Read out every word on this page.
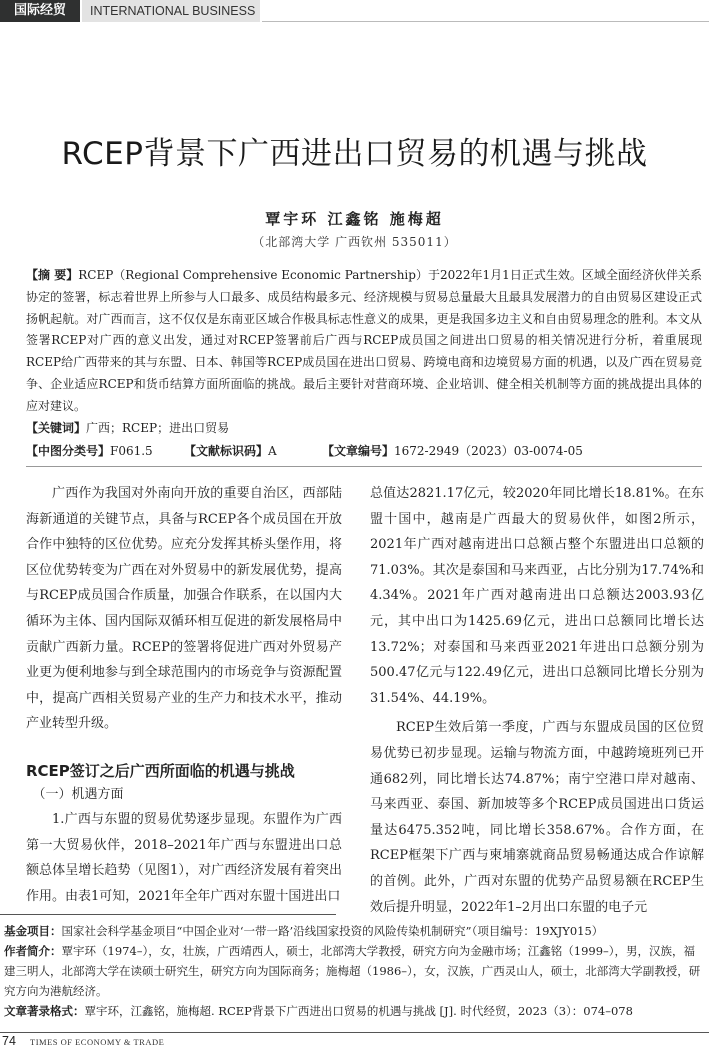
国际经贸	INTERNATIONAL BUSINESS
RCEP背景下广西进出口贸易的机遇与挑战
覃宇环 江鑫铭 施梅超
（北部湾大学 广西钦州 535011）
【摘 要】RCEP（Regional Comprehensive Economic Partnership）于2022年1月1日正式生效。区域全面经济伙伴关系协定的签署，标志着世界上所参与人口最多、成员结构最多元、经济规模与贸易总量最大且最具发展潜力的自由贸易区建设正式扬帆起航。对广西而言，这不仅仅是东南亚区域合作极具标志性意义的成果，更是我国多边主义和自由贸易理念的胜利。本文从签署RCEP对广西的意义出发，通过对RCEP签署前后广西与RCEP成员国之间进出口贸易的相关情况进行分析，着重展现RCEP给广西带来的其与东盟、日本、韩国等RCEP成员国在进出口贸易、跨境电商和边境贸易方面的机遇，以及广西在贸易竞争、企业适应RCEP和货币结算方面所面临的挑战。最后主要针对营商环境、企业培训、健全相关机制等方面的挑战提出具体的应对建议。
【关键词】广西；RCEP；进出口贸易
【中图分类号】F061.5	【文献标识码】A	【文章编号】1672-2949（2023）03-0074-05

广西作为我国对外南向开放的重要自治区，西部陆海新通道的关键节点，具备与RCEP各个成员国在开放合作中独特的区位优势。应充分发挥其桥头堡作用，将区位优势转变为广西在对外贸易中的新发展优势，提高与RCEP成员国合作质量，加强合作联系，在以国内大循环为主体、国内国际双循环相互促进的新发展格局中贡献广西新力量。RCEP的签署将促进广西对外贸易产业更为便利地参与到全球范围内的市场竞争与资源配置中，提高广西相关贸易产业的生产力和技术水平，推动产业转型升级。

RCEP签订之后广西所面临的机遇与挑战
（一）机遇方面

1.广西与东盟的贸易优势逐步显现。东盟作为广西第一大贸易伙伴，2018–2021年广西与东盟进出口总额总体呈增长趋势（见图1），对广西经济发展有着突出作用。由表1可知，2021年全年广西对东盟十国进出口

总值达2821.17亿元，较2020年同比增长18.81%。在东盟十国中，越南是广西最大的贸易伙伴，如图2所示，2021年广西对越南进出口总额占整个东盟进出口总额的71.03%。其次是泰国和马来西亚，占比分别为17.74%和4.34%。2021年广西对越南进出口总额达2003.93亿元，其中出口为1425.69亿元，进出口总额同比增长达13.72%；对泰国和马来西亚2021年进出口总额分别为500.47亿元与122.49亿元，进出口总额同比增长分别为31.54%、44.19%。

RCEP生效后第一季度，广西与东盟成员国的区位贸易优势已初步显现。运输与物流方面，中越跨境班列已开通682列，同比增长达74.87%；南宁空港口岸对越南、马来西亚、泰国、新加坡等多个RCEP成员国进出口货运量达6475.352吨，同比增长358.67%。合作方面，在RCEP框架下广西与柬埔寨就商品贸易畅通达成合作谅解的首例。此外，广西对东盟的优势产品贸易额在RCEP生效后提升明显，2022年1–2月出口东盟的电子元

基金项目：国家社会科学基金项目“中国企业对‘一带一路’沿线国家投资的风险传染机制研究”（项目编号：19XJY015）
作者简介：覃宇环（1974–），女，壮族，广西靖西人，硕士，北部湾大学教授，研究方向为金融市场；江鑫铭（1999–），男，汉族，福建三明人，北部湾大学在读硕士研究生，研究方向为国际商务；施梅超（1986–），女，汉族，广西灵山人，硕士，北部湾大学副教授，研究方向为港航经济。
文章著录格式：覃宇环，江鑫铭，施梅超. RCEP背景下广西进出口贸易的机遇与挑战 [J]. 时代经贸，2023（3）：074–078
74 TIMES OF ECONOMY & TRADE
